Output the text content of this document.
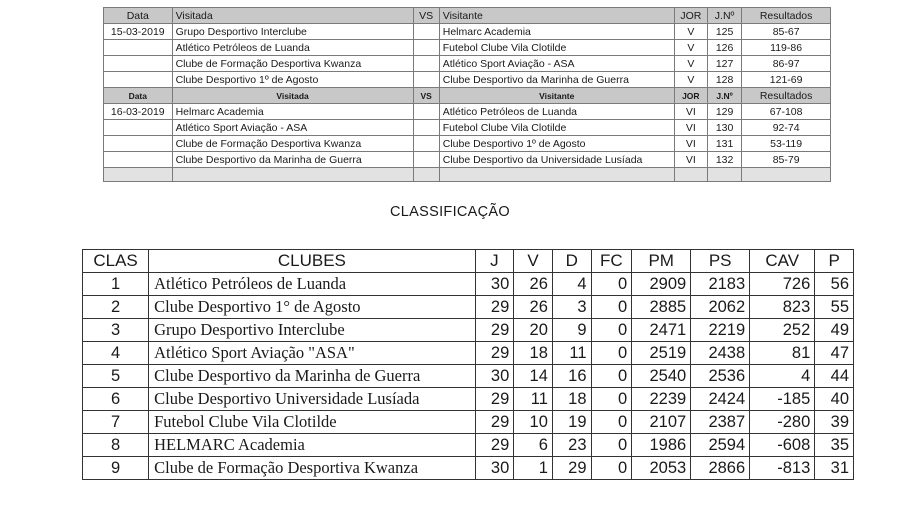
Data	Visitada	VS	Visitante	JOR	J.Nº	Resultados
15-03-2019	Grupo Desportivo Interclube		Helmarc Academia	V	125	85-67
	Atlético Petróleos de Luanda		Futebol Clube Vila Clotilde	V	126	119-86
	Clube de Formação Desportiva Kwanza		Atlético Sport Aviação - ASA	V	127	86-97
	Clube Desportivo 1º de Agosto		Clube Desportivo da Marinha de Guerra	V	128	121-69
Data	Visitada	VS	Visitante	JOR	J.Nº	Resultados
16-03-2019	Helmarc Academia		Atlético Petróleos de Luanda	VI	129	67-108
	Atlético Sport Aviação - ASA		Futebol Clube Vila Clotilde	VI	130	92-74
	Clube de Formação Desportiva Kwanza		Clube Desportivo 1º de Agosto	VI	131	53-119
	Clube Desportivo da Marinha de Guerra		Clube Desportivo da Universidade Lusíada	VI	132	85-79

CLASSIFICAÇÃO
CLAS	CLUBES	J	V	D	FC	PM	PS	CAV	P
1	Atlético Petróleos de Luanda	30	26	4	0	2909	2183	726	56
2	Clube Desportivo 1° de Agosto	29	26	3	0	2885	2062	823	55
3	Grupo Desportivo Interclube	29	20	9	0	2471	2219	252	49
4	Atlético Sport Aviação "ASA"	29	18	11	0	2519	2438	81	47
5	Clube Desportivo da Marinha de Guerra	30	14	16	0	2540	2536	4	44
6	Clube Desportivo Universidade Lusíada	29	11	18	0	2239	2424	-185	40
7	Futebol Clube Vila Clotilde	29	10	19	0	2107	2387	-280	39
8	HELMARC Academia	29	6	23	0	1986	2594	-608	35
9	Clube de Formação Desportiva Kwanza	30	1	29	0	2053	2866	-813	31
